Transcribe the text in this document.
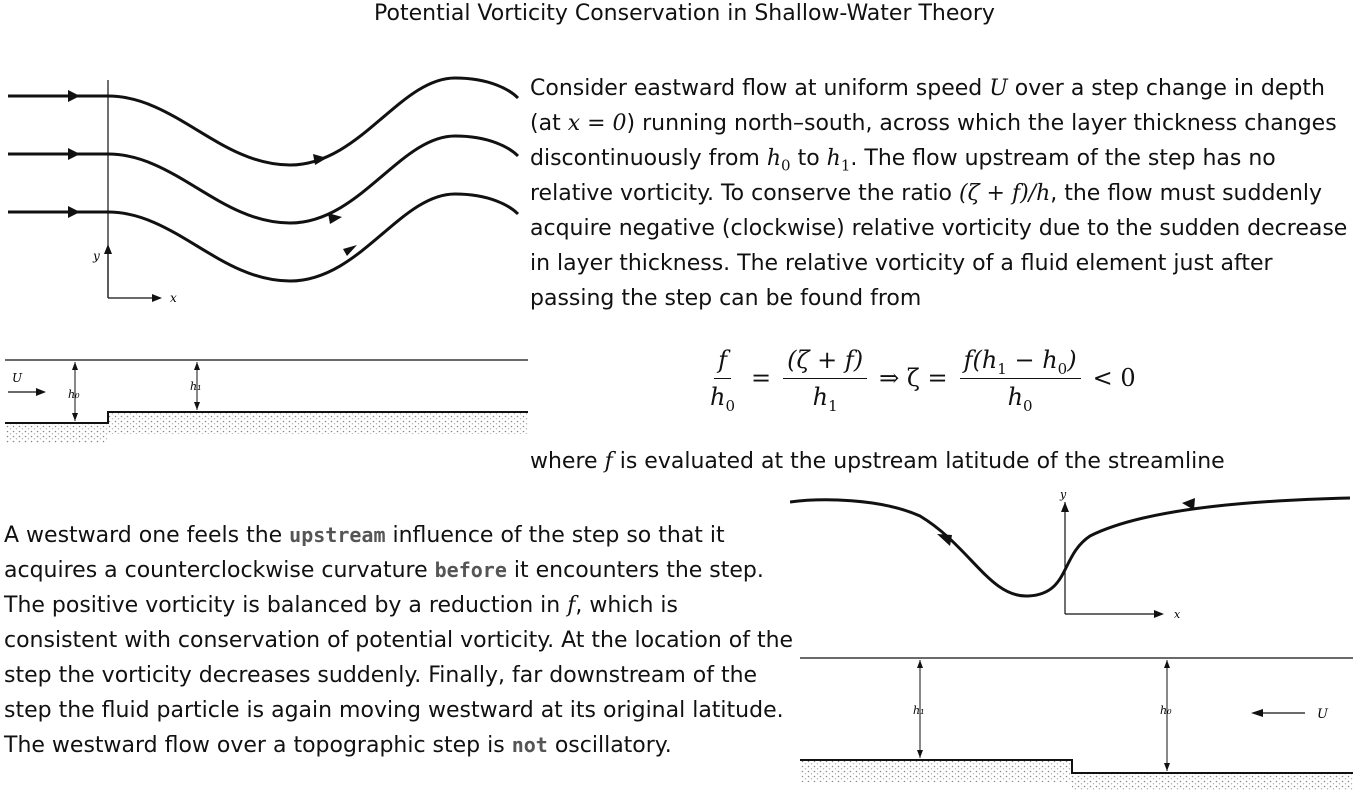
Potential Vorticity Conservation in Shallow-Water Theory
y
x
U
h₀
h₁
Consider eastward flow at uniform speed U over a step change in depth (at x = 0) running north–south, across which the layer thickness changes discontinuously from $h_0$ to $h_1$. The flow upstream of the step has no relative vorticity. To conserve the ratio (ζ + f)/h, the flow must suddenly acquire negative (clockwise) relative vorticity due to the sudden decrease in layer thickness. The relative vorticity of a fluid element just after passing the step can be found from
$\frac{f}{h_0} = \frac{(\zeta + f)}{h_1}$ ⇒ $\zeta = \frac{f(h_1 - h_0)}{h_0} < 0$
where f is evaluated at the upstream latitude of the streamline
A westward one feels the upstream influence of the step so that it acquires a counterclockwise curvature before it encounters the step. The positive vorticity is balanced by a reduction in f, which is consistent with conservation of potential vorticity. At the location of the step the vorticity decreases suddenly. Finally, far downstream of the step the fluid particle is again moving westward at its original latitude. The westward flow over a topographic step is not oscillatory.
y
x
U
h₁	h₀
